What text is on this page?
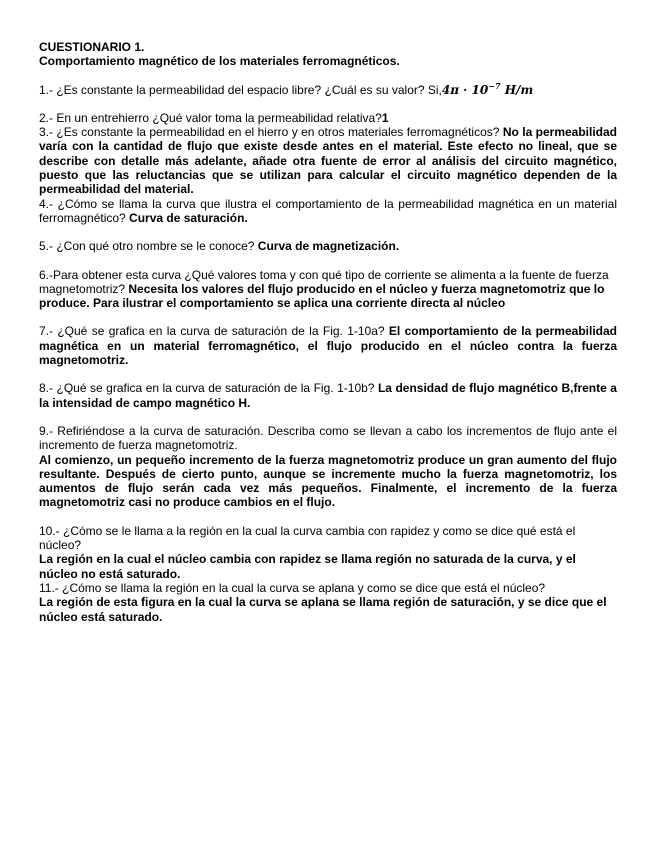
CUESTIONARIO 1.

Comportamiento magnético de los materiales ferromagnéticos.

1.- ¿Es constante la permeabilidad del espacio libre? ¿Cuál es su valor? $Si,4\pi \cdot 10^{-7}$ H/m

2.- En un entrehierro ¿Qué valor toma la permeabilidad relativa?1

3.- ¿Es constante la permeabilidad en el hierro y en otros materiales ferromagnéticos? No la permeabilidad varía con la cantidad de flujo que existe desde antes en el material. Este efecto no lineal, que se describe con detalle más adelante, añade otra fuente de error al análisis del circuito magnético, puesto que las reluctancias que se utilizan para calcular el circuito magnético dependen de la permeabilidad del material.

4.- ¿Cómo se llama la curva que ilustra el comportamiento de la permeabilidad magnética en un material ferromagnético? Curva de saturación.

5.- ¿Con qué otro nombre se le conoce? Curva de magnetización.

6.-Para obtener esta curva ¿Qué valores toma y con qué tipo de corriente se alimenta a la fuente de fuerza magnetomotriz? Necesita los valores del flujo producido en el núcleo y fuerza magnetomotriz que lo produce. Para ilustrar el comportamiento se aplica una corriente directa al núcleo

7.- ¿Qué se grafica en la curva de saturación de la Fig. 1-10a? El comportamiento de la permeabilidad magnética en un material ferromagnético, el flujo producido en el núcleo contra la fuerza magnetomotriz.

8.- ¿Qué se grafica en la curva de saturación de la Fig. 1-10b? La densidad de flujo magnético B,frente a la intensidad de campo magnético H.

9.- Refiriéndose a la curva de saturación. Describa como se llevan a cabo los incrementos de flujo ante el incremento de fuerza magnetomotriz.

Al comienzo, un pequeño incremento de la fuerza magnetomotriz produce un gran aumento del flujo resultante. Después de cierto punto, aunque se incremente mucho la fuerza magnetomotriz, los aumentos de flujo serán cada vez más pequeños. Finalmente, el incremento de la fuerza magnetomotriz casi no produce cambios en el flujo.

10.- ¿Cómo se le llama a la región en la cual la curva cambia con rapidez y como se dice qué está el núcleo?

La región en la cual el núcleo cambia con rapidez se llama región no saturada de la curva, y el núcleo no está saturado.

11.- ¿Cómo se llama la región en la cual la curva se aplana y como se dice que está el núcleo?

La región de esta figura en la cual la curva se aplana se llama región de saturación, y se dice que el núcleo está saturado.
